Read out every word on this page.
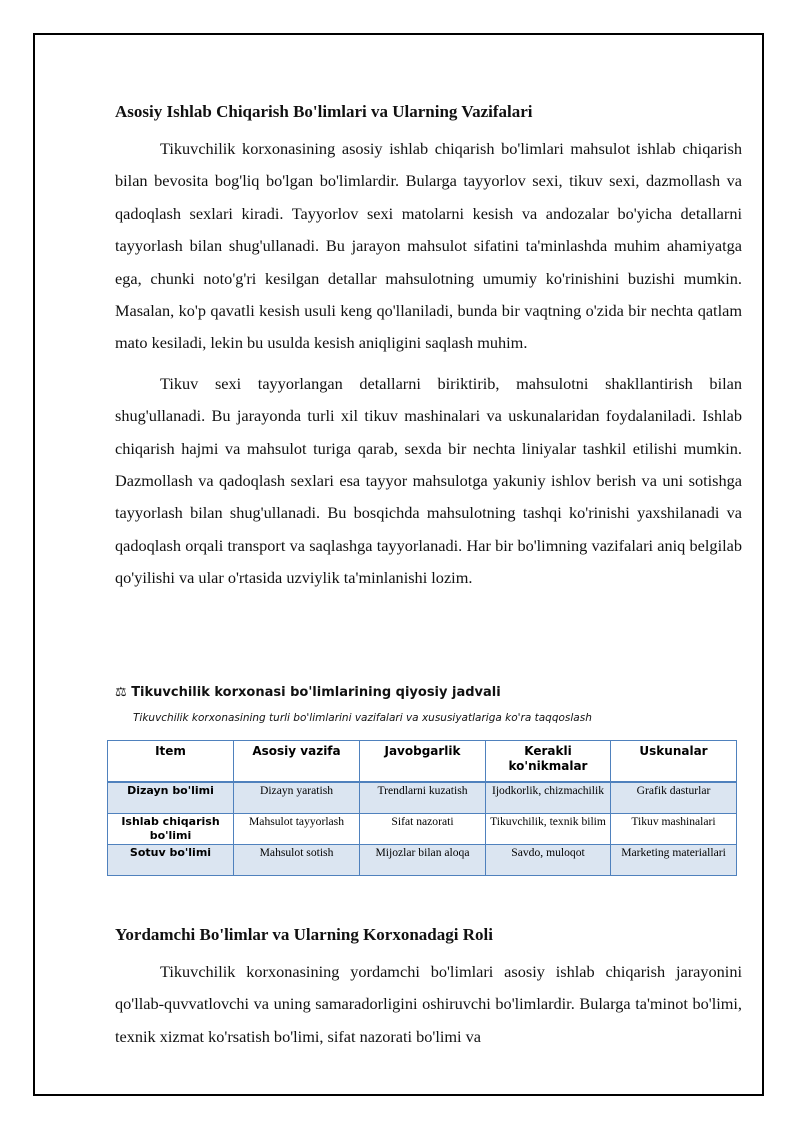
Asosiy Ishlab Chiqarish Bo'limlari va Ularning Vazifalari

Tikuvchilik korxonasining asosiy ishlab chiqarish bo'limlari mahsulot ishlab chiqarish bilan bevosita bog'liq bo'lgan bo'limlardir. Bularga tayyorlov sexi, tikuv sexi, dazmollash va qadoqlash sexlari kiradi. Tayyorlov sexi matolarni kesish va andozalar bo'yicha detallarni tayyorlash bilan shug'ullanadi. Bu jarayon mahsulot sifatini ta'minlashda muhim ahamiyatga ega, chunki noto'g'ri kesilgan detallar mahsulotning umumiy ko'rinishini buzishi mumkin. Masalan, ko'p qavatli kesish usuli keng qo'llaniladi, bunda bir vaqtning o'zida bir nechta qatlam mato kesiladi, lekin bu usulda kesish aniqligini saqlash muhim.

Tikuv sexi tayyorlangan detallarni biriktirib, mahsulotni shakllantirish bilan shug'ullanadi. Bu jarayonda turli xil tikuv mashinalari va uskunalaridan foydalaniladi. Ishlab chiqarish hajmi va mahsulot turiga qarab, sexda bir nechta liniyalar tashkil etilishi mumkin. Dazmollash va qadoqlash sexlari esa tayyor mahsulotga yakuniy ishlov berish va uni sotishga tayyorlash bilan shug'ullanadi. Bu bosqichda mahsulotning tashqi ko'rinishi yaxshilanadi va qadoqlash orqali transport va saqlashga tayyorlanadi. Har bir bo'limning vazifalari aniq belgilab qo'yilishi va ular o'rtasida uzviylik ta'minlanishi lozim.

⚖ Tikuvchilik korxonasi bo'limlarining qiyosiy jadvali

Tikuvchilik korxonasining turli bo'limlarini vazifalari va xususiyatlariga ko'ra taqqoslash

Item	Asosiy vazifa	Javobgarlik	Kerakli ko'nikmalar	Uskunalar
Dizayn bo'limi	Dizayn yaratish	Trendlarni kuzatish	Ijodkorlik, chizmachilik	Grafik dasturlar
Ishlab chiqarish bo'limi	Mahsulot tayyorlash	Sifat nazorati	Tikuvchilik, texnik bilim	Tikuv mashinalari
Sotuv bo'limi	Mahsulot sotish	Mijozlar bilan aloqa	Savdo, muloqot	Marketing materiallari
Yordamchi Bo'limlar va Ularning Korxonadagi Roli

Tikuvchilik korxonasining yordamchi bo'limlari asosiy ishlab chiqarish jarayonini qo'llab-quvvatlovchi va uning samaradorligini oshiruvchi bo'limlardir. Bularga ta'minot bo'limi, texnik xizmat ko'rsatish bo'limi, sifat nazorati bo'limi va
